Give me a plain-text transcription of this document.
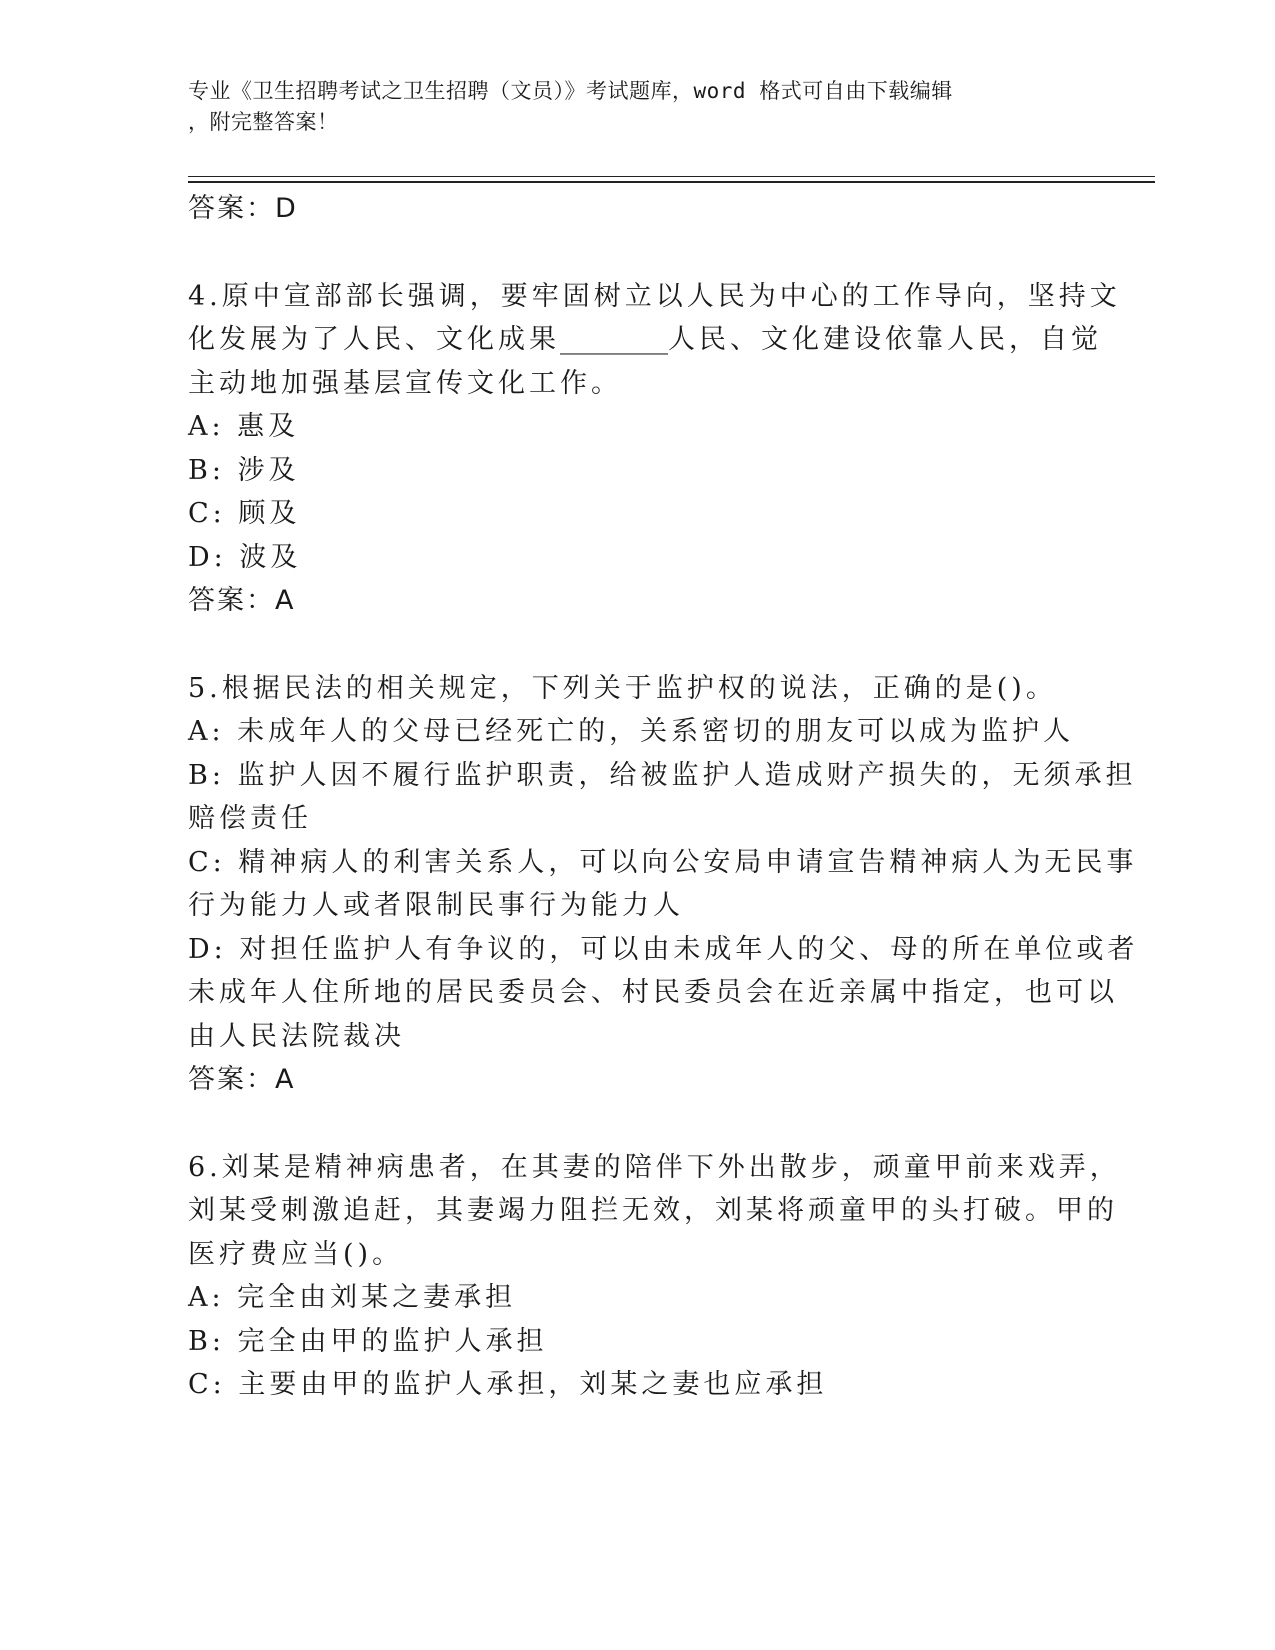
专业《卫生招聘考试之卫生招聘（文员）》考试题库，word 格式可自由下载编辑
，附完整答案！
答案：D
4.原中宣部部长强调，要牢固树立以人民为中心的工作导向，坚持文
化发展为了人民、文化成果________人民、文化建设依靠人民，自觉
主动地加强基层宣传文化工作。
A: 惠及
B: 涉及
C: 顾及
D: 波及
答案：A
5.根据民法的相关规定，下列关于监护权的说法，正确的是()。
A: 未成年人的父母已经死亡的，关系密切的朋友可以成为监护人
B: 监护人因不履行监护职责，给被监护人造成财产损失的，无须承担
赔偿责任
C: 精神病人的利害关系人，可以向公安局申请宣告精神病人为无民事
行为能力人或者限制民事行为能力人
D: 对担任监护人有争议的，可以由未成年人的父、母的所在单位或者
未成年人住所地的居民委员会、村民委员会在近亲属中指定，也可以
由人民法院裁决
答案：A
6.刘某是精神病患者，在其妻的陪伴下外出散步，顽童甲前来戏弄，
刘某受刺激追赶，其妻竭力阻拦无效，刘某将顽童甲的头打破。甲的
医疗费应当()。
A: 完全由刘某之妻承担
B: 完全由甲的监护人承担
C: 主要由甲的监护人承担，刘某之妻也应承担
